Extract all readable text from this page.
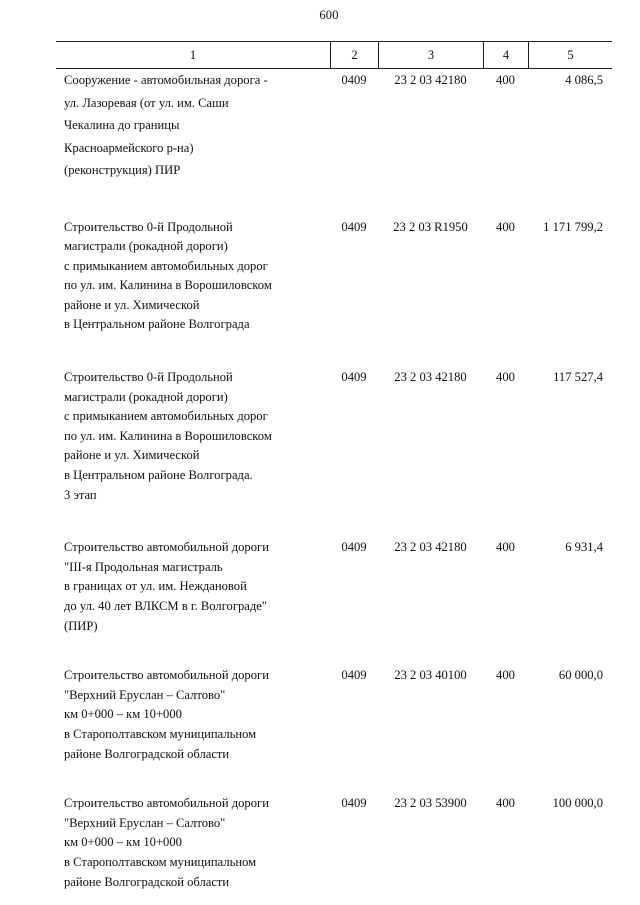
600
1	2	3	4	5
Сооружение - автомобильная дорога -
ул. Лазоревая (от ул. им. Саши
Чекалина до границы
Красноармейского р-на)
(реконструкция) ПИР
0409	23 2 03 42180	400	4 086,5
Строительство 0-й Продольной
магистрали (рокадной дороги)
с примыканием автомобильных дорог
по ул. им. Калинина в Ворошиловском
районе и ул. Химической
в Центральном районе Волгограда
0409	23 2 03 R1950	400	1 171 799,2
Строительство 0-й Продольной
магистрали (рокадной дороги)
с примыканием автомобильных дорог
по ул. им. Калинина в Ворошиловском
районе и ул. Химической
в Центральном районе Волгограда.
3 этап
0409	23 2 03 42180	400	117 527,4
Строительство автомобильной дороги
"III-я Продольная магистраль
в границах от ул. им. Неждановой
до ул. 40 лет ВЛКСМ в г. Волгограде"
(ПИР)
0409	23 2 03 42180	400	6 931,4
Строительство автомобильной дороги
"Верхний Еруслан – Салтово"
км 0+000 – км 10+000
в Старополтавском муниципальном
районе Волгоградской области
0409	23 2 03 40100	400	60 000,0
Строительство автомобильной дороги
"Верхний Еруслан – Салтово"
км 0+000 – км 10+000
в Старополтавском муниципальном
районе Волгоградской области
0409	23 2 03 53900	400	100 000,0
